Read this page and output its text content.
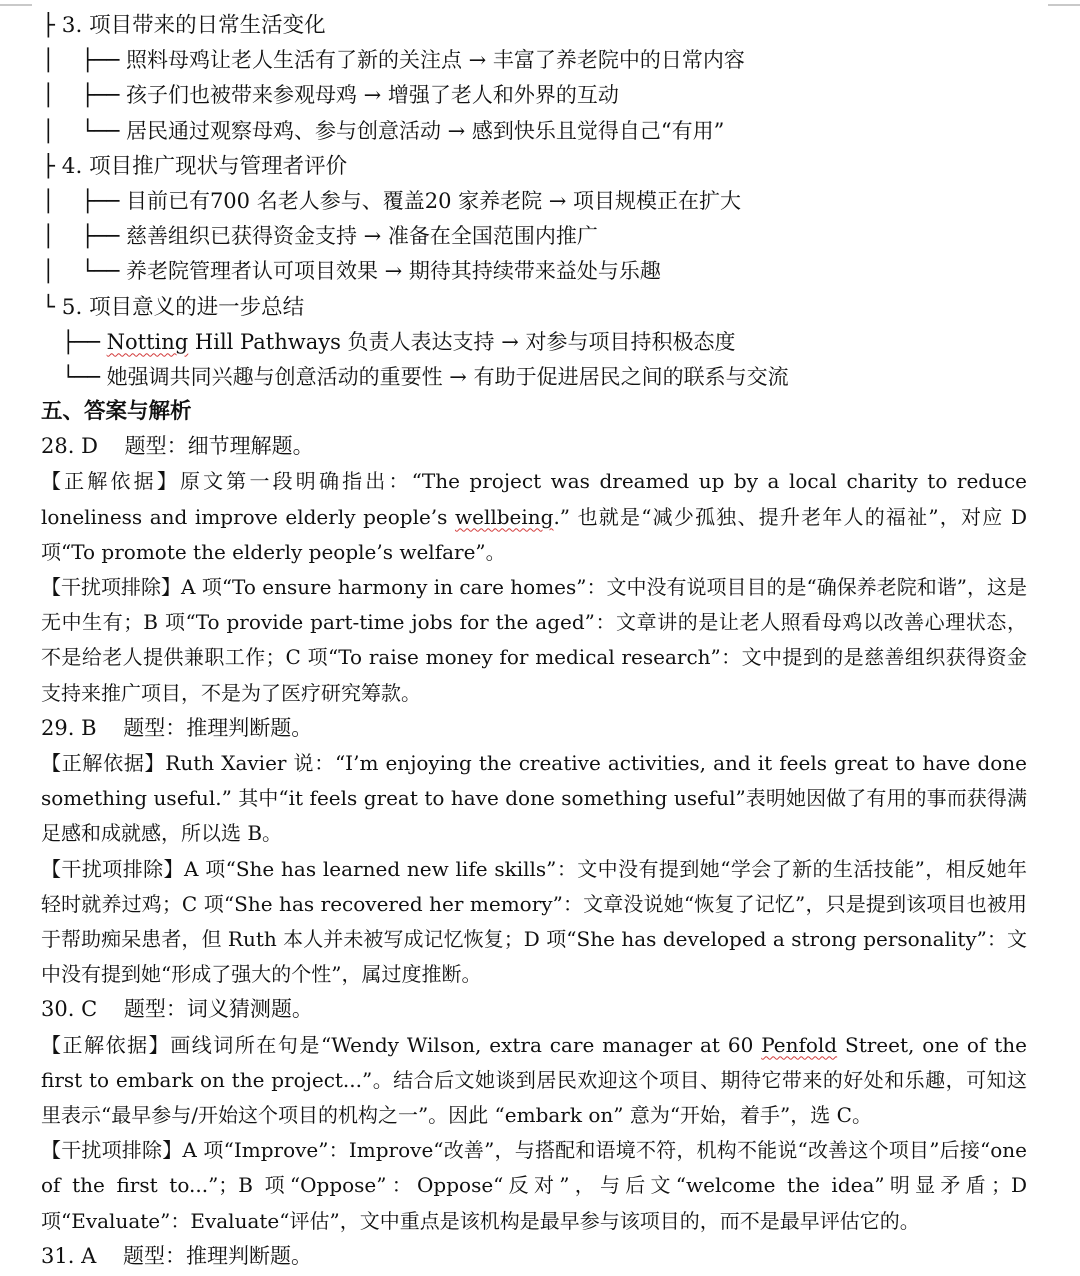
├ 3. 项目带来的日常生活变化
│    ├── 照料母鸡让老人生活有了新的关注点 → 丰富了养老院中的日常内容
│    ├── 孩子们也被带来参观母鸡 → 增强了老人和外界的互动
│    └── 居民通过观察母鸡、参与创意活动 → 感到快乐且觉得自己“有用”
├ 4. 项目推广现状与管理者评价
│    ├── 目前已有700 名老人参与、覆盖20 家养老院 → 项目规模正在扩大
│    ├── 慈善组织已获得资金支持 → 准备在全国范围内推广
│    └── 养老院管理者认可项目效果 → 期待其持续带来益处与乐趣
└ 5. 项目意义的进一步总结
├── Notting Hill Pathways 负责人表达支持 → 对参与项目持积极态度
└── 她强调共同兴趣与创意活动的重要性 → 有助于促进居民之间的联系与交流
五、答案与解析
28. D    题型：细节理解题。

【正解依据】原文第一段明确指出：“The project was dreamed up by a local charity to reduce loneliness and improve elderly people’s wellbeing.” 也就是“减少孤独、提升老年人的福祉”，对应 D 项“To promote the elderly people’s welfare”。

【干扰项排除】A 项“To ensure harmony in care homes”：文中没有说项目目的是“确保养老院和谐”，这是无中生有；B 项“To provide part-time jobs for the aged”：文章讲的是让老人照看母鸡以改善心理状态，不是给老人提供兼职工作；C 项“To raise money for medical research”：文中提到的是慈善组织获得资金支持来推广项目，不是为了医疗研究筹款。

29. B    题型：推理判断题。

【正解依据】Ruth Xavier 说：“I’m enjoying the creative activities, and it feels great to have done something useful.” 其中“it feels great to have done something useful”表明她因做了有用的事而获得满足感和成就感，所以选 B。

【干扰项排除】A 项“She has learned new life skills”：文中没有提到她“学会了新的生活技能”，相反她年轻时就养过鸡；C 项“She has recovered her memory”：文章没说她“恢复了记忆”，只是提到该项目也被用于帮助痴呆患者，但 Ruth 本人并未被写成记忆恢复；D 项“She has developed a strong personality”：文中没有提到她“形成了强大的个性”，属过度推断。

30. C    题型：词义猜测题。

【正解依据】画线词所在句是“Wendy Wilson, extra care manager at 60 Penfold Street, one of the first to embark on the project...”。结合后文她谈到居民欢迎这个项目、期待它带来的好处和乐趣，可知这里表示“最早参与/开始这个项目的机构之一”。因此 “embark on” 意为“开始，着手”，选 C。

【干扰项排除】A 项“Improve”：Improve“改善”，与搭配和语境不符，机构不能说“改善这个项目”后接“one of the first to...”；B 项“Oppose”：Oppose“反对”，与后文“welcome the idea”明显矛盾；D 项“Evaluate”：Evaluate“评估”，文中重点是该机构是最早参与该项目的，而不是最早评估它的。

31. A    题型：推理判断题。
